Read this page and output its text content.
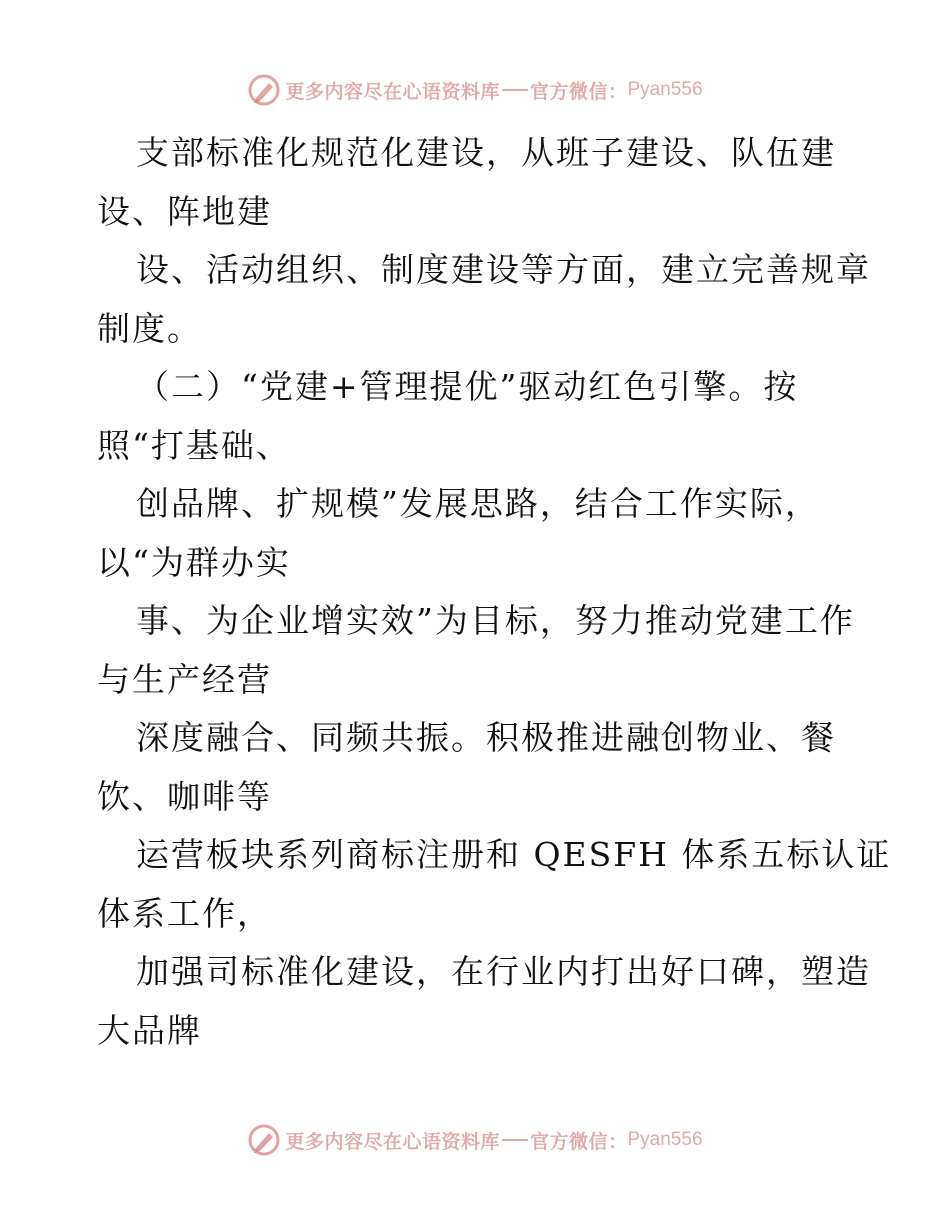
更多内容尽在心语资料库 官方微信： Pyan556
支部标准化规范化建设，从班子建设、队伍建
设、阵地建
设、活动组织、制度建设等方面，建立完善规章
制度。
（二）“党建+管理提优”驱动红色引擎。按
照“打基础、
创品牌、扩规模”发展思路，结合工作实际，
以“为群办实
事、为企业增实效”为目标，努力推动党建工作
与生产经营
深度融合、同频共振。积极推进融创物业、餐
饮、咖啡等
运营板块系列商标注册和 QESFH 体系五标认证
体系工作，
加强司标准化建设，在行业内打出好口碑，塑造
大品牌
更多内容尽在心语资料库 官方微信： Pyan556
